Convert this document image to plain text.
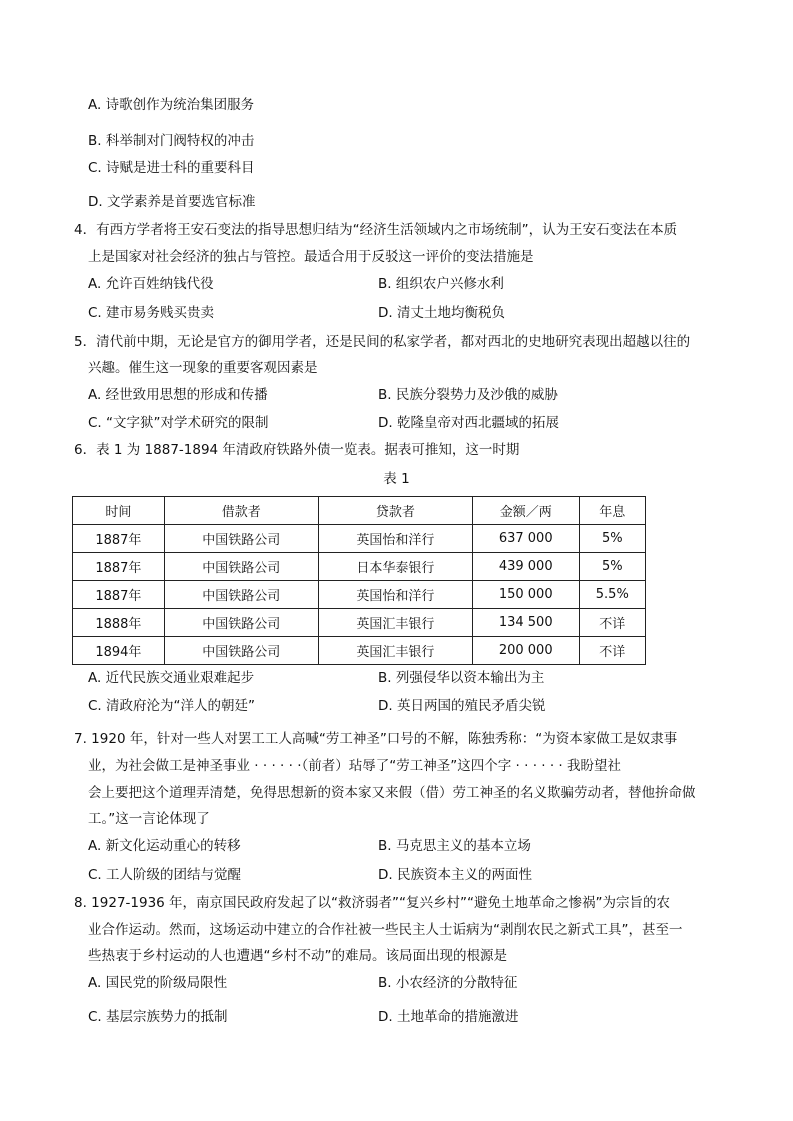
A. 诗歌创作为统治集团服务
B. 科举制对门阀特权的冲击
C. 诗赋是进士科的重要科目
D. 文学素养是首要选官标准
4．有西方学者将王安石变法的指导思想归结为“经济生活领域内之市场统制”，认为王安石变法在本质
上是国家对社会经济的独占与管控。最适合用于反驳这一评价的变法措施是
A. 允许百姓纳钱代役	B. 组织农户兴修水利
C. 建市易务贱买贵卖	D. 清丈土地均衡税负
5．清代前中期，无论是官方的御用学者，还是民间的私家学者，都对西北的史地研究表现出超越以往的
兴趣。催生这一现象的重要客观因素是
A. 经世致用思想的形成和传播	B. 民族分裂势力及沙俄的威胁
C. “文字狱”对学术研究的限制	D. 乾隆皇帝对西北疆域的拓展
6．表 1 为 1887-1894 年清政府铁路外债一览表。据表可推知，这一时期
表 1
时间	借款者	贷款者	金额／两	年息
1887年	中国铁路公司	英国怡和洋行	637 000	5%
1887年	中国铁路公司	日本华泰银行	439 000	5%
1887年	中国铁路公司	英国怡和洋行	150 000	5.5%
1888年	中国铁路公司	英国汇丰银行	134 500	不详
1894年	中国铁路公司	英国汇丰银行	200 000	不详
A. 近代民族交通业艰难起步	B. 列强侵华以资本输出为主
C. 清政府沦为“洋人的朝廷”	D. 英日两国的殖民矛盾尖锐
7. 1920 年，针对一些人对罢工工人高喊“劳工神圣”口号的不解，陈独秀称：“为资本家做工是奴隶事
业，为社会做工是神圣事业 · · · · · ·（前者）玷辱了“劳工神圣”这四个字 · · · · · · 我盼望社
会上要把这个道理弄清楚，免得思想新的资本家又来假（借）劳工神圣的名义欺骗劳动者，替他拚命做
工。”这一言论体现了
A. 新文化运动重心的转移	B. 马克思主义的基本立场
C. 工人阶级的团结与觉醒	D. 民族资本主义的两面性
8. 1927-1936 年，南京国民政府发起了以“救济弱者”“复兴乡村”“避免土地革命之惨祸”为宗旨的农
业合作运动。然而，这场运动中建立的合作社被一些民主人士诟病为“剥削农民之新式工具”，甚至一
些热衷于乡村运动的人也遭遇“乡村不动”的难局。该局面出现的根源是
A. 国民党的阶级局限性	B. 小农经济的分散特征
C. 基层宗族势力的抵制	D. 土地革命的措施激进
